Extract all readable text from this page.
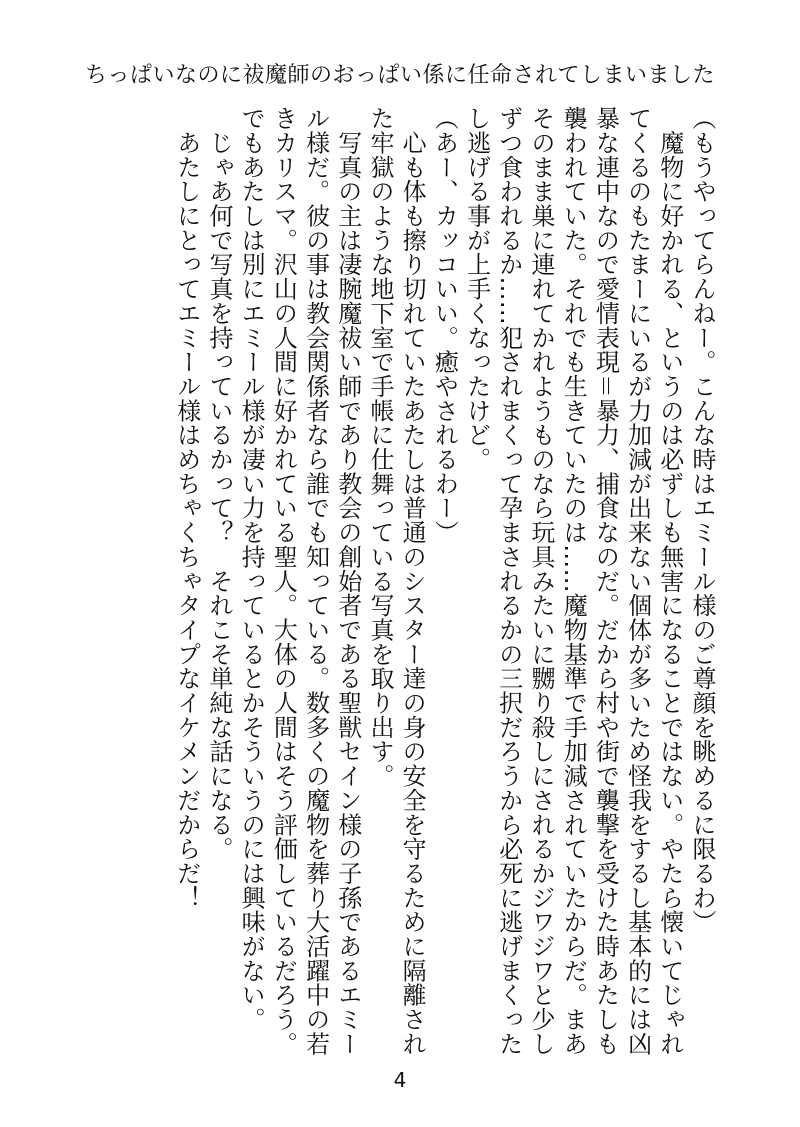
ちっぱいなのに祓魔師のおっぱい係に任命されてしまいました

（もうやってらんねー。こんな時はエミール様のご尊顔を眺めるに限るわ）

　魔物に好かれる、というのは必ずしも無害になることではない。やたら懐いてじゃれてくるのもたまーにいるが力加減が出来ない個体が多いため怪我をするし基本的には凶暴な連中なので愛情表現＝暴力、捕食なのだ。だから村や街で襲撃を受けた時あたしも襲われていた。それでも生きていたのは……魔物基準で手加減されていたからだ。まあそのまま巣に連れてかれようものなら玩具みたいに嬲り殺しにされるかジワジワと少しずつ食われるか……犯されまくって孕まされるかの三択だろうから必死に逃げまくったし逃げる事が上手くなったけど。

（あー、カッコいい。癒やされるわー）

　心も体も擦り切れていたあたしは普通のシスター達の身の安全を守るために隔離された牢獄のような地下室で手帳に仕舞っている写真を取り出す。

　写真の主は凄腕魔祓い師であり教会の創始者である聖獣セイン様の子孫であるエミール様だ。彼の事は教会関係者なら誰でも知っている。数多くの魔物を葬り大活躍中の若きカリスマ。沢山の人間に好かれている聖人。大体の人間はそう評価しているだろう。でもあたしは別にエミール様が凄い力を持っているとかそういうのには興味がない。

　じゃあ何で写真を持っているかって？　それこそ単純な話になる。

　あたしにとってエミール様はめちゃくちゃタイプなイケメンだからだ！

4
